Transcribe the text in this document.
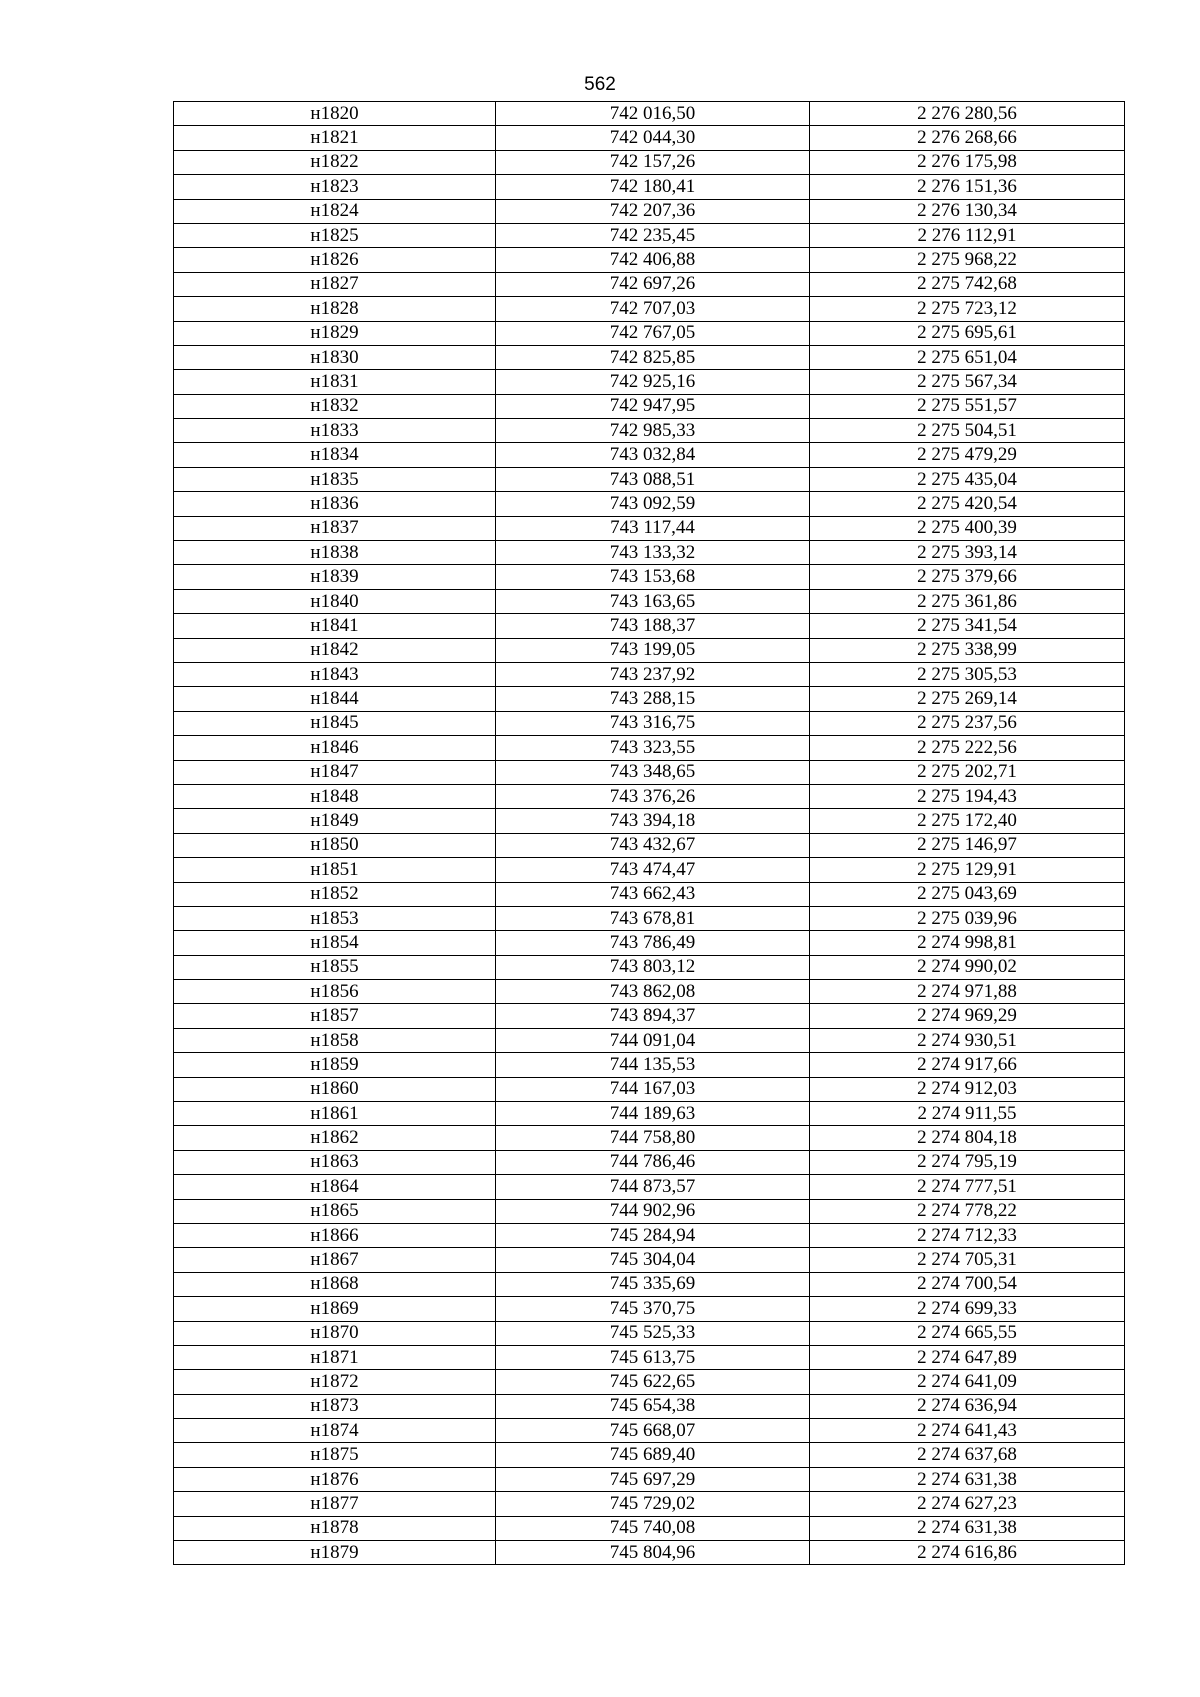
562
н1820	742 016,50	2 276 280,56
н1821	742 044,30	2 276 268,66
н1822	742 157,26	2 276 175,98
н1823	742 180,41	2 276 151,36
н1824	742 207,36	2 276 130,34
н1825	742 235,45	2 276 112,91
н1826	742 406,88	2 275 968,22
н1827	742 697,26	2 275 742,68
н1828	742 707,03	2 275 723,12
н1829	742 767,05	2 275 695,61
н1830	742 825,85	2 275 651,04
н1831	742 925,16	2 275 567,34
н1832	742 947,95	2 275 551,57
н1833	742 985,33	2 275 504,51
н1834	743 032,84	2 275 479,29
н1835	743 088,51	2 275 435,04
н1836	743 092,59	2 275 420,54
н1837	743 117,44	2 275 400,39
н1838	743 133,32	2 275 393,14
н1839	743 153,68	2 275 379,66
н1840	743 163,65	2 275 361,86
н1841	743 188,37	2 275 341,54
н1842	743 199,05	2 275 338,99
н1843	743 237,92	2 275 305,53
н1844	743 288,15	2 275 269,14
н1845	743 316,75	2 275 237,56
н1846	743 323,55	2 275 222,56
н1847	743 348,65	2 275 202,71
н1848	743 376,26	2 275 194,43
н1849	743 394,18	2 275 172,40
н1850	743 432,67	2 275 146,97
н1851	743 474,47	2 275 129,91
н1852	743 662,43	2 275 043,69
н1853	743 678,81	2 275 039,96
н1854	743 786,49	2 274 998,81
н1855	743 803,12	2 274 990,02
н1856	743 862,08	2 274 971,88
н1857	743 894,37	2 274 969,29
н1858	744 091,04	2 274 930,51
н1859	744 135,53	2 274 917,66
н1860	744 167,03	2 274 912,03
н1861	744 189,63	2 274 911,55
н1862	744 758,80	2 274 804,18
н1863	744 786,46	2 274 795,19
н1864	744 873,57	2 274 777,51
н1865	744 902,96	2 274 778,22
н1866	745 284,94	2 274 712,33
н1867	745 304,04	2 274 705,31
н1868	745 335,69	2 274 700,54
н1869	745 370,75	2 274 699,33
н1870	745 525,33	2 274 665,55
н1871	745 613,75	2 274 647,89
н1872	745 622,65	2 274 641,09
н1873	745 654,38	2 274 636,94
н1874	745 668,07	2 274 641,43
н1875	745 689,40	2 274 637,68
н1876	745 697,29	2 274 631,38
н1877	745 729,02	2 274 627,23
н1878	745 740,08	2 274 631,38
н1879	745 804,96	2 274 616,86
